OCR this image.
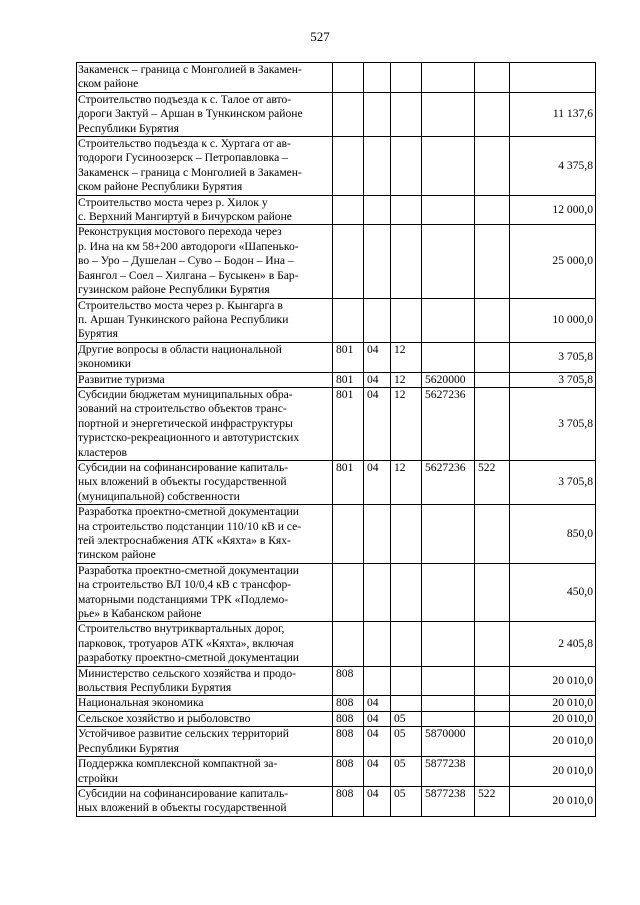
527
Закаменск – граница с Монголией в Закамен-
ском районе						

Строительство подъезда к с. Талое от авто-
дороги Зактуй – Аршан в Тункинском районе
Республики Бурятия						11 137,6

Строительство подъезда к с. Хуртага от ав-
тодороги Гусиноозерск – Петропавловка –
Закаменск – граница с Монголией в Закамен-
ском районе Республики Бурятия						4 375,8

Строительство моста через р. Хилок у
с. Верхний Мангиртуй в Бичурском районе						12 000,0

Реконструкция мостового перехода через
р. Ина на км 58+200 автодороги «Шапенько-
во – Уро – Душелан – Суво – Бодон – Ина –
Баянгол – Соел – Хилгана – Бусыкен» в Бар-
гузинском районе Республики Бурятия						25 000,0

Строительство моста через р. Кынгарга в
п. Аршан Тункинского района Республики
Бурятия						10 000,0

Другие вопросы в области национальной
экономики	801	04	12			3 705,8

Развитие туризма	801	04	12	5620000		3 705,8

Субсидии бюджетам муниципальных обра-
зований на строительство объектов транс-
портной и энергетической инфраструктуры
туристско-рекреационного и автотуристских
кластеров	801	04	12	5627236		3 705,8

Субсидии на софинансирование капиталь-
ных вложений в объекты государственной
(муниципальной) собственности	801	04	12	5627236	522	3 705,8

Разработка проектно-сметной документации
на строительство подстанции 110/10 кВ и се-
тей электроснабжения АТК «Кяхта» в Кях-
тинском районе						850,0

Разработка проектно-сметной документации
на строительство ВЛ 10/0,4 кВ с трансфор-
маторными подстанциями ТРК «Подлемо-
рье» в Кабанском районе						450,0

Строительство внутриквартальных дорог,
парковок, тротуаров АТК «Кяхта», включая
разработку проектно-сметной документации						2 405,8

Министерство сельского хозяйства и продо-
вольствия Республики Бурятия	808					20 010,0

Национальная экономика	808	04				20 010,0

Сельское хозяйство и рыболовство	808	04	05			20 010,0

Устойчивое развитие сельских территорий
Республики Бурятия	808	04	05	5870000		20 010,0

Поддержка комплексной компактной за-
стройки	808	04	05	5877238		20 010,0

Субсидии на софинансирование капиталь-
ных вложений в объекты государственной	808	04	05	5877238	522	20 010,0
